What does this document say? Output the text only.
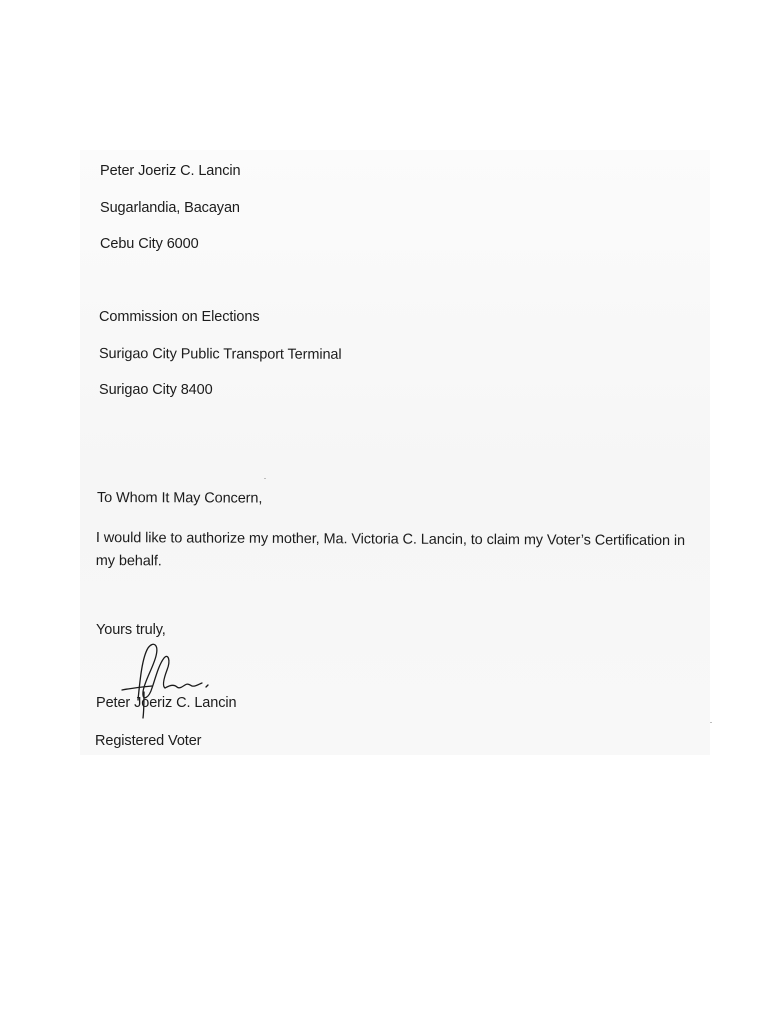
Peter Joeriz C. Lancin
Sugarlandia, Bacayan
Cebu City 6000
Commission on Elections
Surigao City Public Transport Terminal
Surigao City 8400
To Whom It May Concern,
I would like to authorize my mother, Ma. Victoria C. Lancin, to claim my Voter’s Certification in my behalf.
Yours truly,
Peter Joeriz C. Lancin
Registered Voter
